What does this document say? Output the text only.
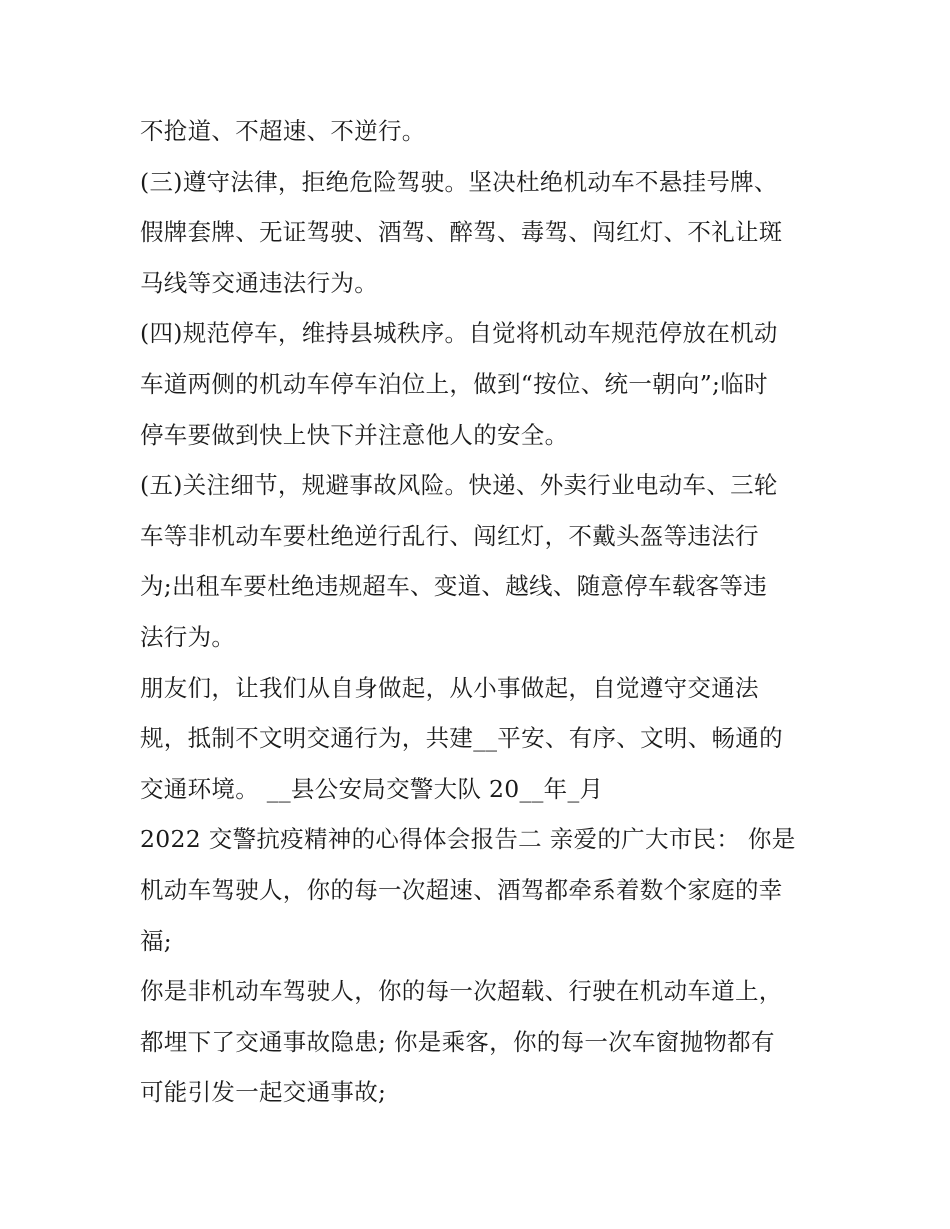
不抢道、不超速、不逆行。
(三)遵守法律，拒绝危险驾驶。坚决杜绝机动车不悬挂号牌、
假牌套牌、无证驾驶、酒驾、醉驾、毒驾、闯红灯、不礼让斑
马线等交通违法行为。
(四)规范停车，维持县城秩序。自觉将机动车规范停放在机动
车道两侧的机动车停车泊位上，做到“按位、统一朝向”;临时
停车要做到快上快下并注意他人的安全。
(五)关注细节，规避事故风险。快递、外卖行业电动车、三轮
车等非机动车要杜绝逆行乱行、闯红灯，不戴头盔等违法行
为;出租车要杜绝违规超车、变道、越线、随意停车载客等违
法行为。
朋友们，让我们从自身做起，从小事做起，自觉遵守交通法
规，抵制不文明交通行为，共建__平安、有序、文明、畅通的
交通环境。 __县公安局交警大队 20__年_月
2022 交警抗疫精神的心得体会报告二 亲爱的广大市民： 你是
机动车驾驶人，你的每一次超速、酒驾都牵系着数个家庭的幸
福;
你是非机动车驾驶人，你的每一次超载、行驶在机动车道上，
都埋下了交通事故隐患; 你是乘客，你的每一次车窗抛物都有
可能引发一起交通事故;
